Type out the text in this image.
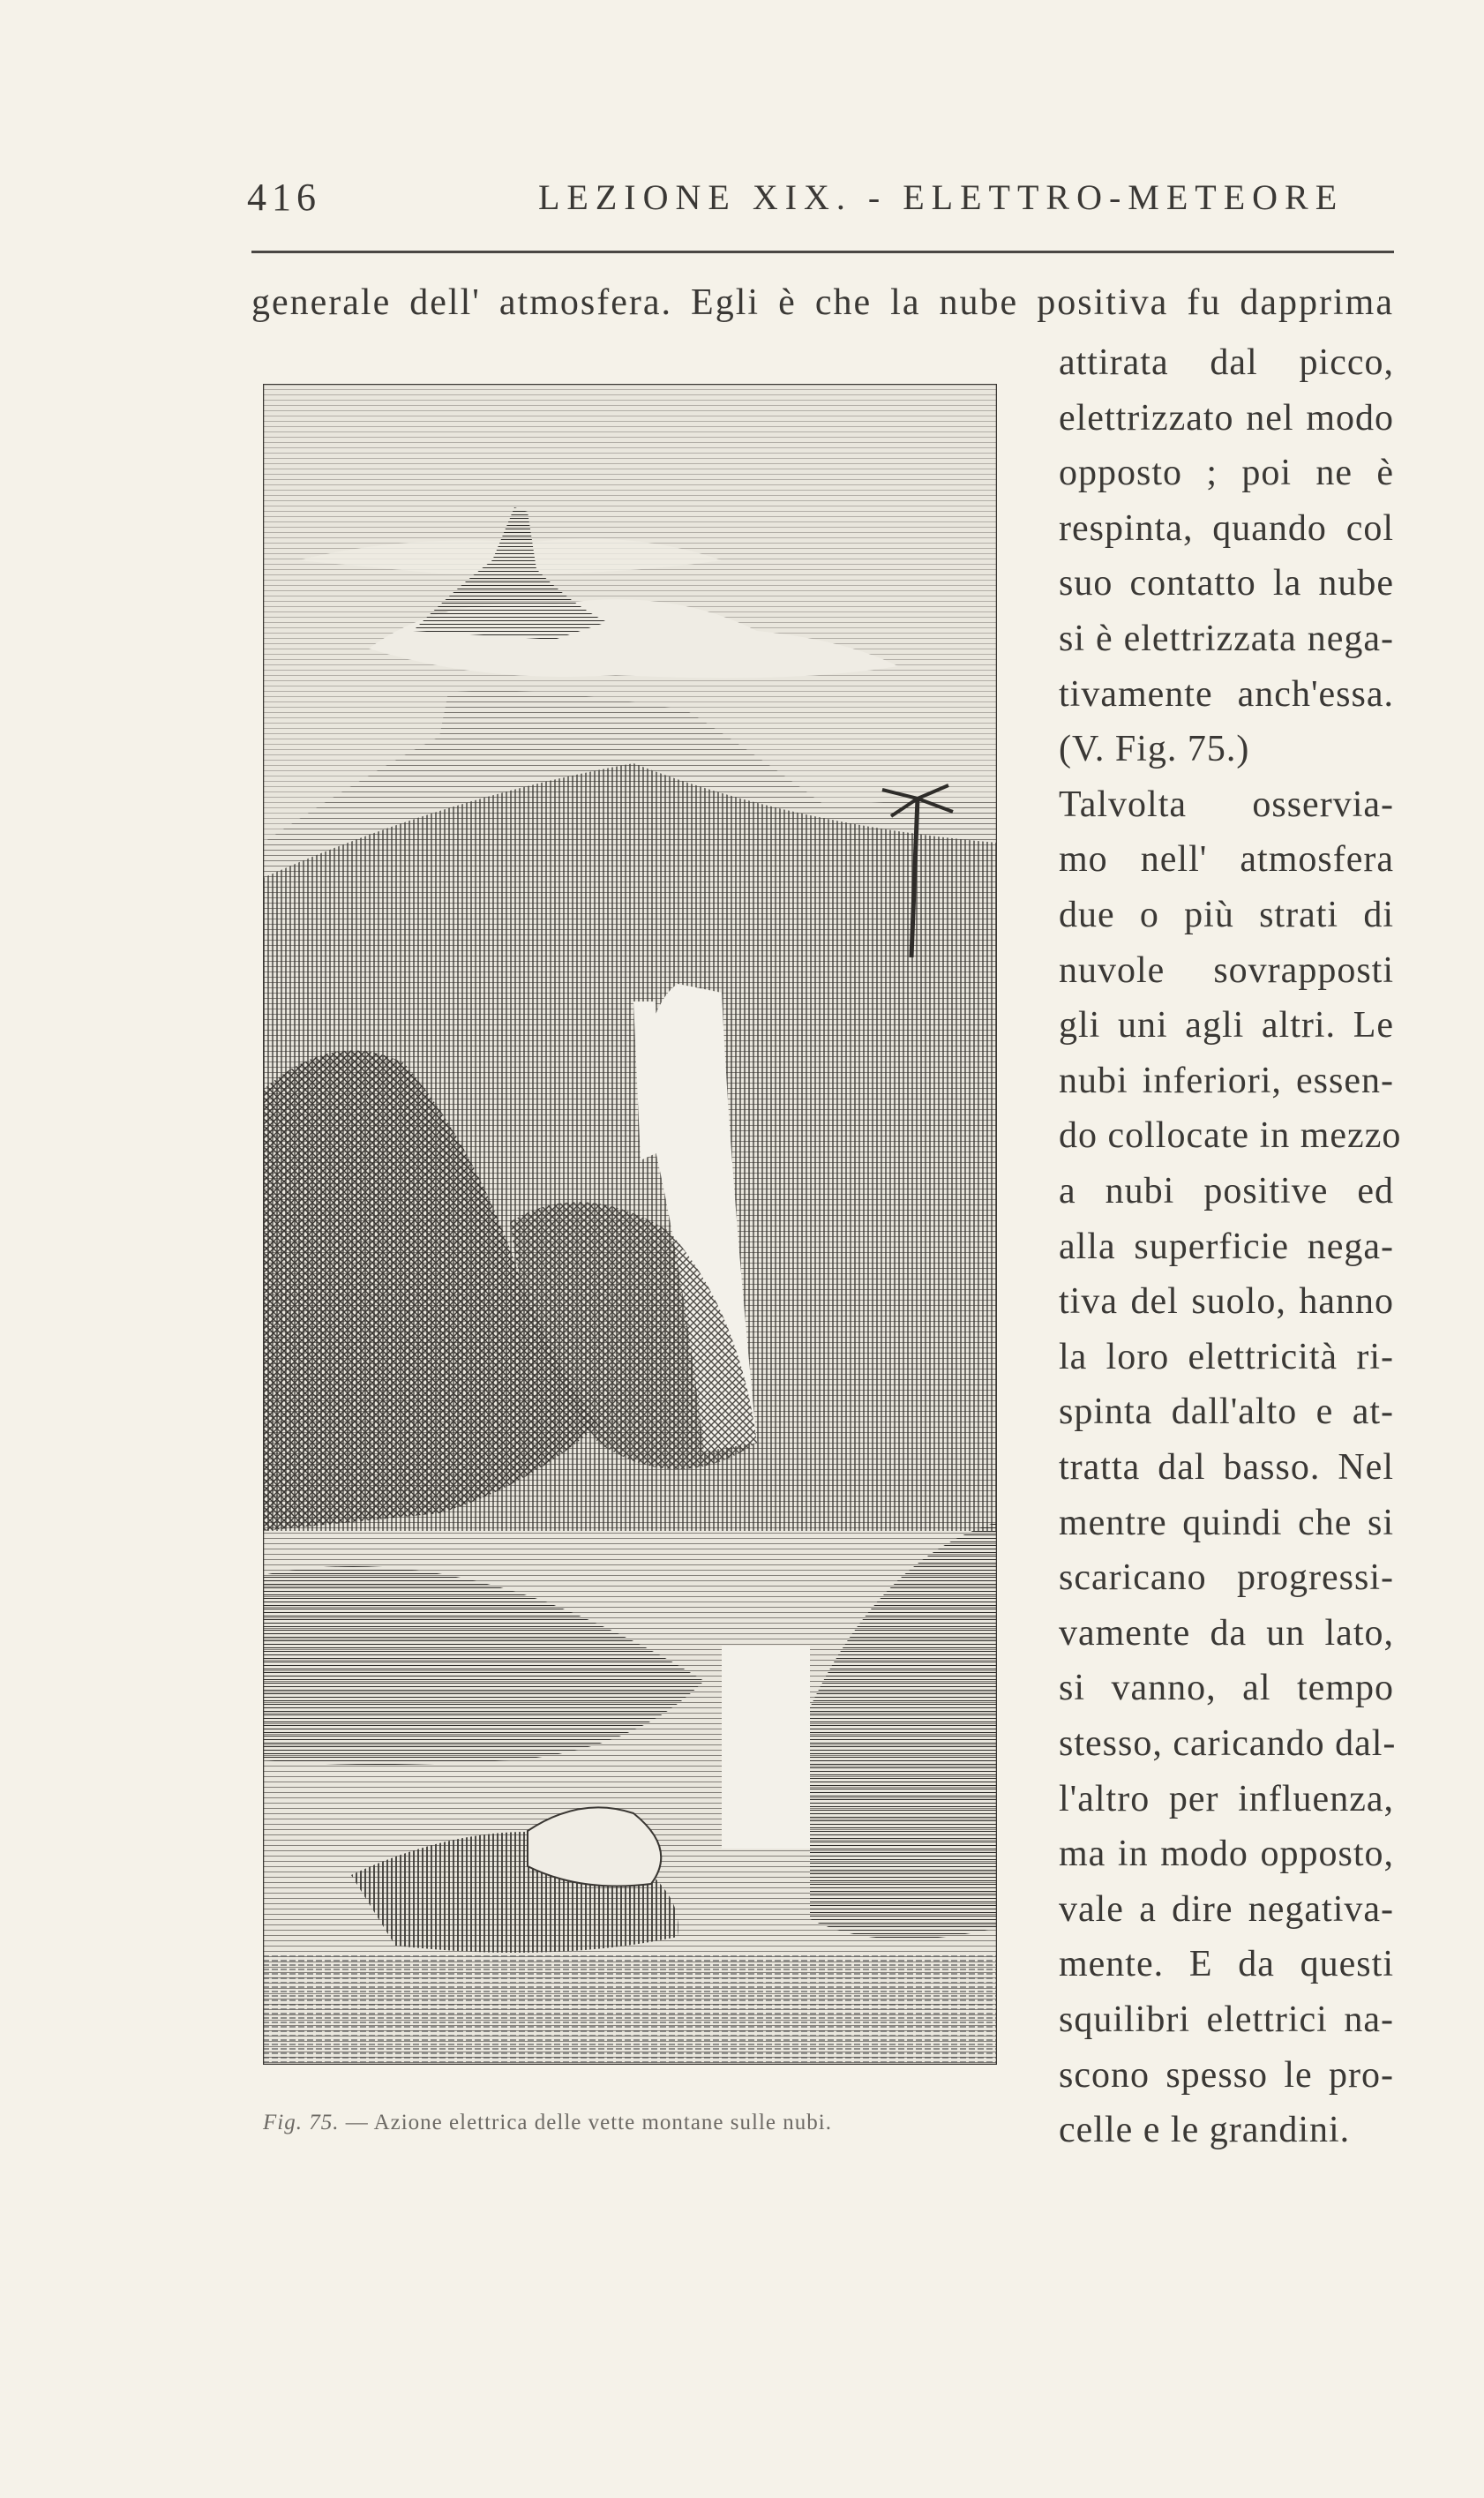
416	LEZIONE XIX. - ELETTRO-METEORE
generale dell' atmosfera. Egli è che la nube positiva fu dapprima
attirata dal picco,
elettrizzato nel modo
opposto ; poi ne è
respinta, quando col
suo contatto la nube
si è elettrizzata nega-
tivamente anch'essa.
(V. Fig. 75.)
Talvolta osservia-
mo nell' atmosfera
due o più strati di
nuvole sovrapposti
gli uni agli altri. Le
nubi inferiori, essen-
do collocate in mezzo
a nubi positive ed
alla superficie nega-
tiva del suolo, hanno
la loro elettricità ri-
spinta dall'alto e at-
tratta dal basso. Nel
mentre quindi che si
scaricano progressi-
vamente da un lato,
si vanno, al tempo
stesso, caricando dal-
l'altro per influenza,
ma in modo opposto,
vale a dire negativa-
mente. E da questi
squilibri elettrici na-
scono spesso le pro-
celle e le grandini.
Fig. 75. — Azione elettrica delle vette montane sulle nubi.
